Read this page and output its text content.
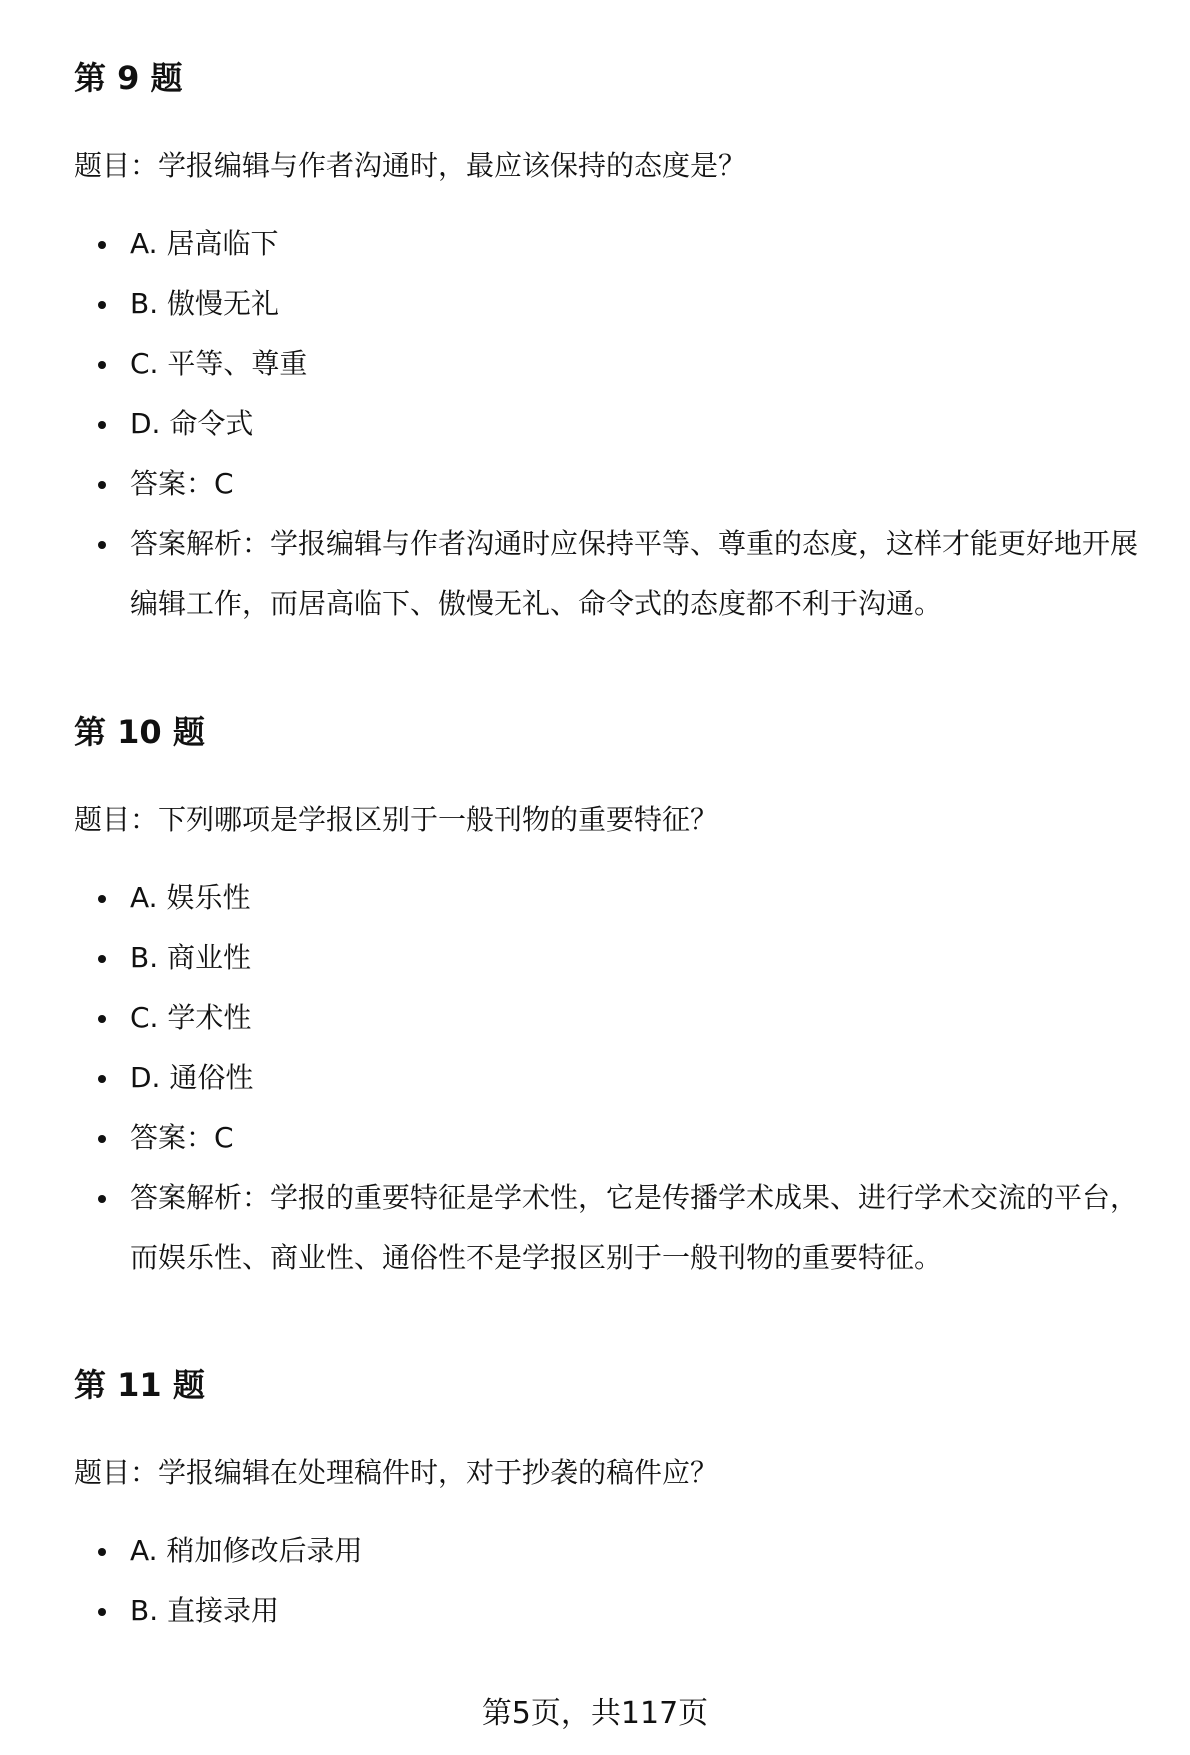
第 9 题

题目：学报编辑与作者沟通时，最应该保持的态度是？

A. 居高临下
B. 傲慢无礼
C. 平等、尊重
D. 命令式
答案：C
答案解析：学报编辑与作者沟通时应保持平等、尊重的态度，这样才能更好地开展编辑工作，而居高临下、傲慢无礼、命令式的态度都不利于沟通。
第 10 题

题目：下列哪项是学报区别于一般刊物的重要特征？

A. 娱乐性
B. 商业性
C. 学术性
D. 通俗性
答案：C
答案解析：学报的重要特征是学术性，它是传播学术成果、进行学术交流的平台，而娱乐性、商业性、通俗性不是学报区别于一般刊物的重要特征。
第 11 题

题目：学报编辑在处理稿件时，对于抄袭的稿件应？

A. 稍加修改后录用
B. 直接录用
第5页，共117页
